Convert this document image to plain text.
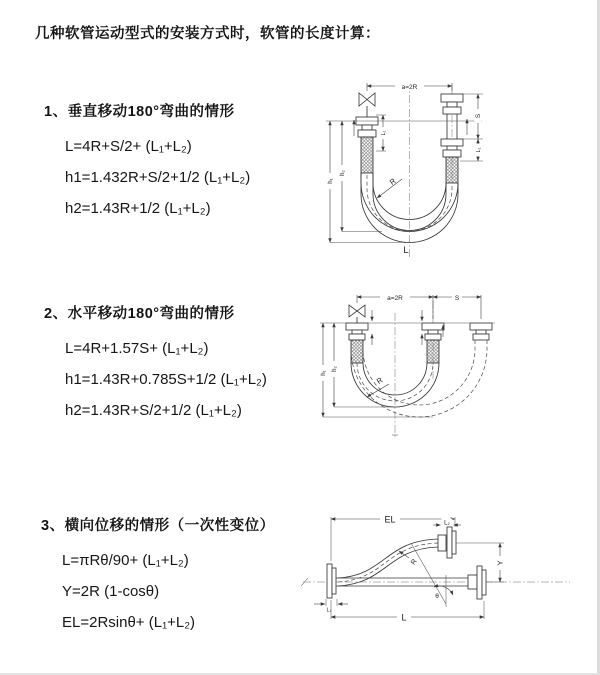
几种软管运动型式的安装方式时，软管的长度计算：
1、垂直移动180°弯曲的情形
L=4R+S/2+ (L₁+L₂)
h1=1.432R+S/2+1/2 (L₁+L₂)
h2=1.43R+1/2 (L₁+L₂)
a=2R
h₁
h₂
S
L₁
L₁
R
L
2、水平移动180°弯曲的情形
L=4R+1.57S+ (L₁+L₂)
h1=1.43R+0.785S+1/2 (L₁+L₂)
h2=1.43R+S/2+1/2 (L₁+L₂)
a=2R	S
h₁
h₂
R
3、横向位移的情形（一次性变位）
L=πRθ/90+ (L₁+L₂)
Y=2R (1-cosθ)
EL=2Rsinθ+ (L₁+L₂)
EL	L₂
Y
R
θ
L
L₁
